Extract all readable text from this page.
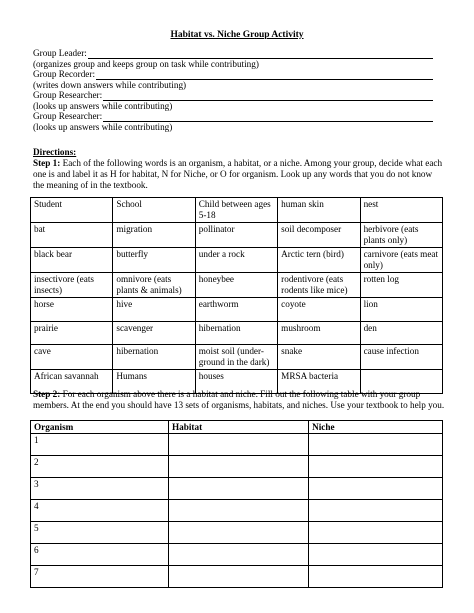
Habitat vs. Niche Group Activity
Group Leader:
(organizes group and keeps group on task while contributing)
Group Recorder:
(writes down answers while contributing)
Group Researcher:
(looks up answers while contributing)
Group Researcher:
(looks up answers while contributing)
Directions:

Step 1: Each of the following words is an organism, a habitat, or a niche. Among your group, decide what each one is and label it as H for habitat, N for Niche, or O for organism. Look up any words that you do not know the meaning of in the textbook.

Student	School	Child between ages 5-18	human skin	nest
bat	migration	pollinator	soil decomposer	herbivore (eats plants only)
black bear	butterfly	under a rock	Arctic tern (bird)	carnivore (eats meat only)
insectivore (eats insects)	omnivore (eats plants & animals)	honeybee	rodentivore (eats rodents like mice)	rotten log
horse	hive	earthworm	coyote	lion
prairie	scavenger	hibernation	mushroom	den
cave	hibernation	moist soil (under-ground in the dark)	snake	cause infection
African savannah	Humans	houses	MRSA bacteria	
Step 2: For each organism above there is a habitat and niche. Fill out the following table with your group members. At the end you should have 13 sets of organisms, habitats, and niches. Use your textbook to help you.
Organism	Habitat	Niche
1		
2		
3		
4		
5		
6		
7		
